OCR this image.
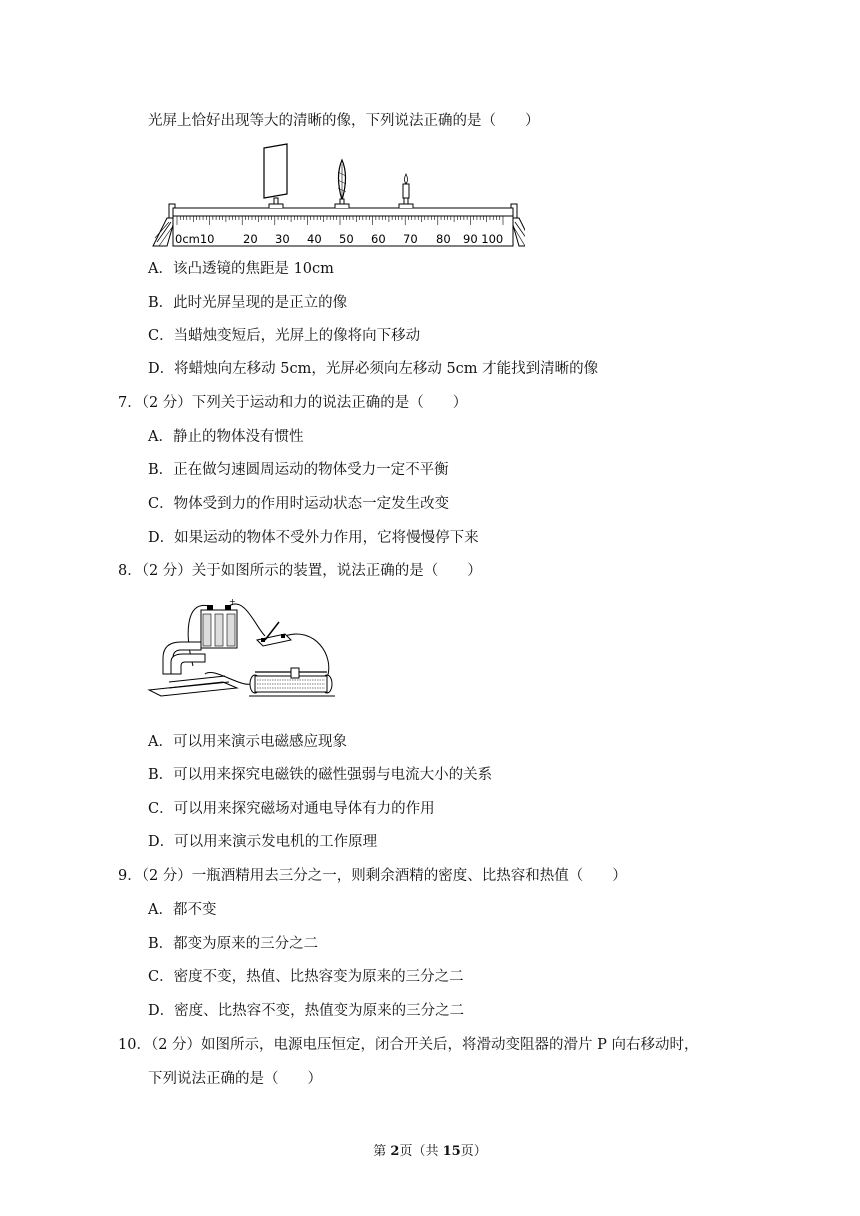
光屏上恰好出现等大的清晰的像，下列说法正确的是（　　）
0cm10 20 30 40 50 60 70 80 90 100
A．该凸透镜的焦距是 10cm
B．此时光屏呈现的是正立的像
C．当蜡烛变短后，光屏上的像将向下移动
D．将蜡烛向左移动 5cm，光屏必须向左移动 5cm 才能找到清晰的像
7．（2 分）下列关于运动和力的说法正确的是（　　）
A．静止的物体没有惯性
B．正在做匀速圆周运动的物体受力一定不平衡
C．物体受到力的作用时运动状态一定发生改变
D．如果运动的物体不受外力作用，它将慢慢停下来
8．（2 分）关于如图所示的装置，说法正确的是（　　）
+
A．可以用来演示电磁感应现象
B．可以用来探究电磁铁的磁性强弱与电流大小的关系
C．可以用来探究磁场对通电导体有力的作用
D．可以用来演示发电机的工作原理
9．（2 分）一瓶酒精用去三分之一，则剩余酒精的密度、比热容和热值（　　）
A．都不变
B．都变为原来的三分之二
C．密度不变，热值、比热容变为原来的三分之二
D．密度、比热容不变，热值变为原来的三分之二
10．（2 分）如图所示，电源电压恒定，闭合开关后，将滑动变阻器的滑片 P 向右移动时，
下列说法正确的是（　　）
第 2页（共 15页）
